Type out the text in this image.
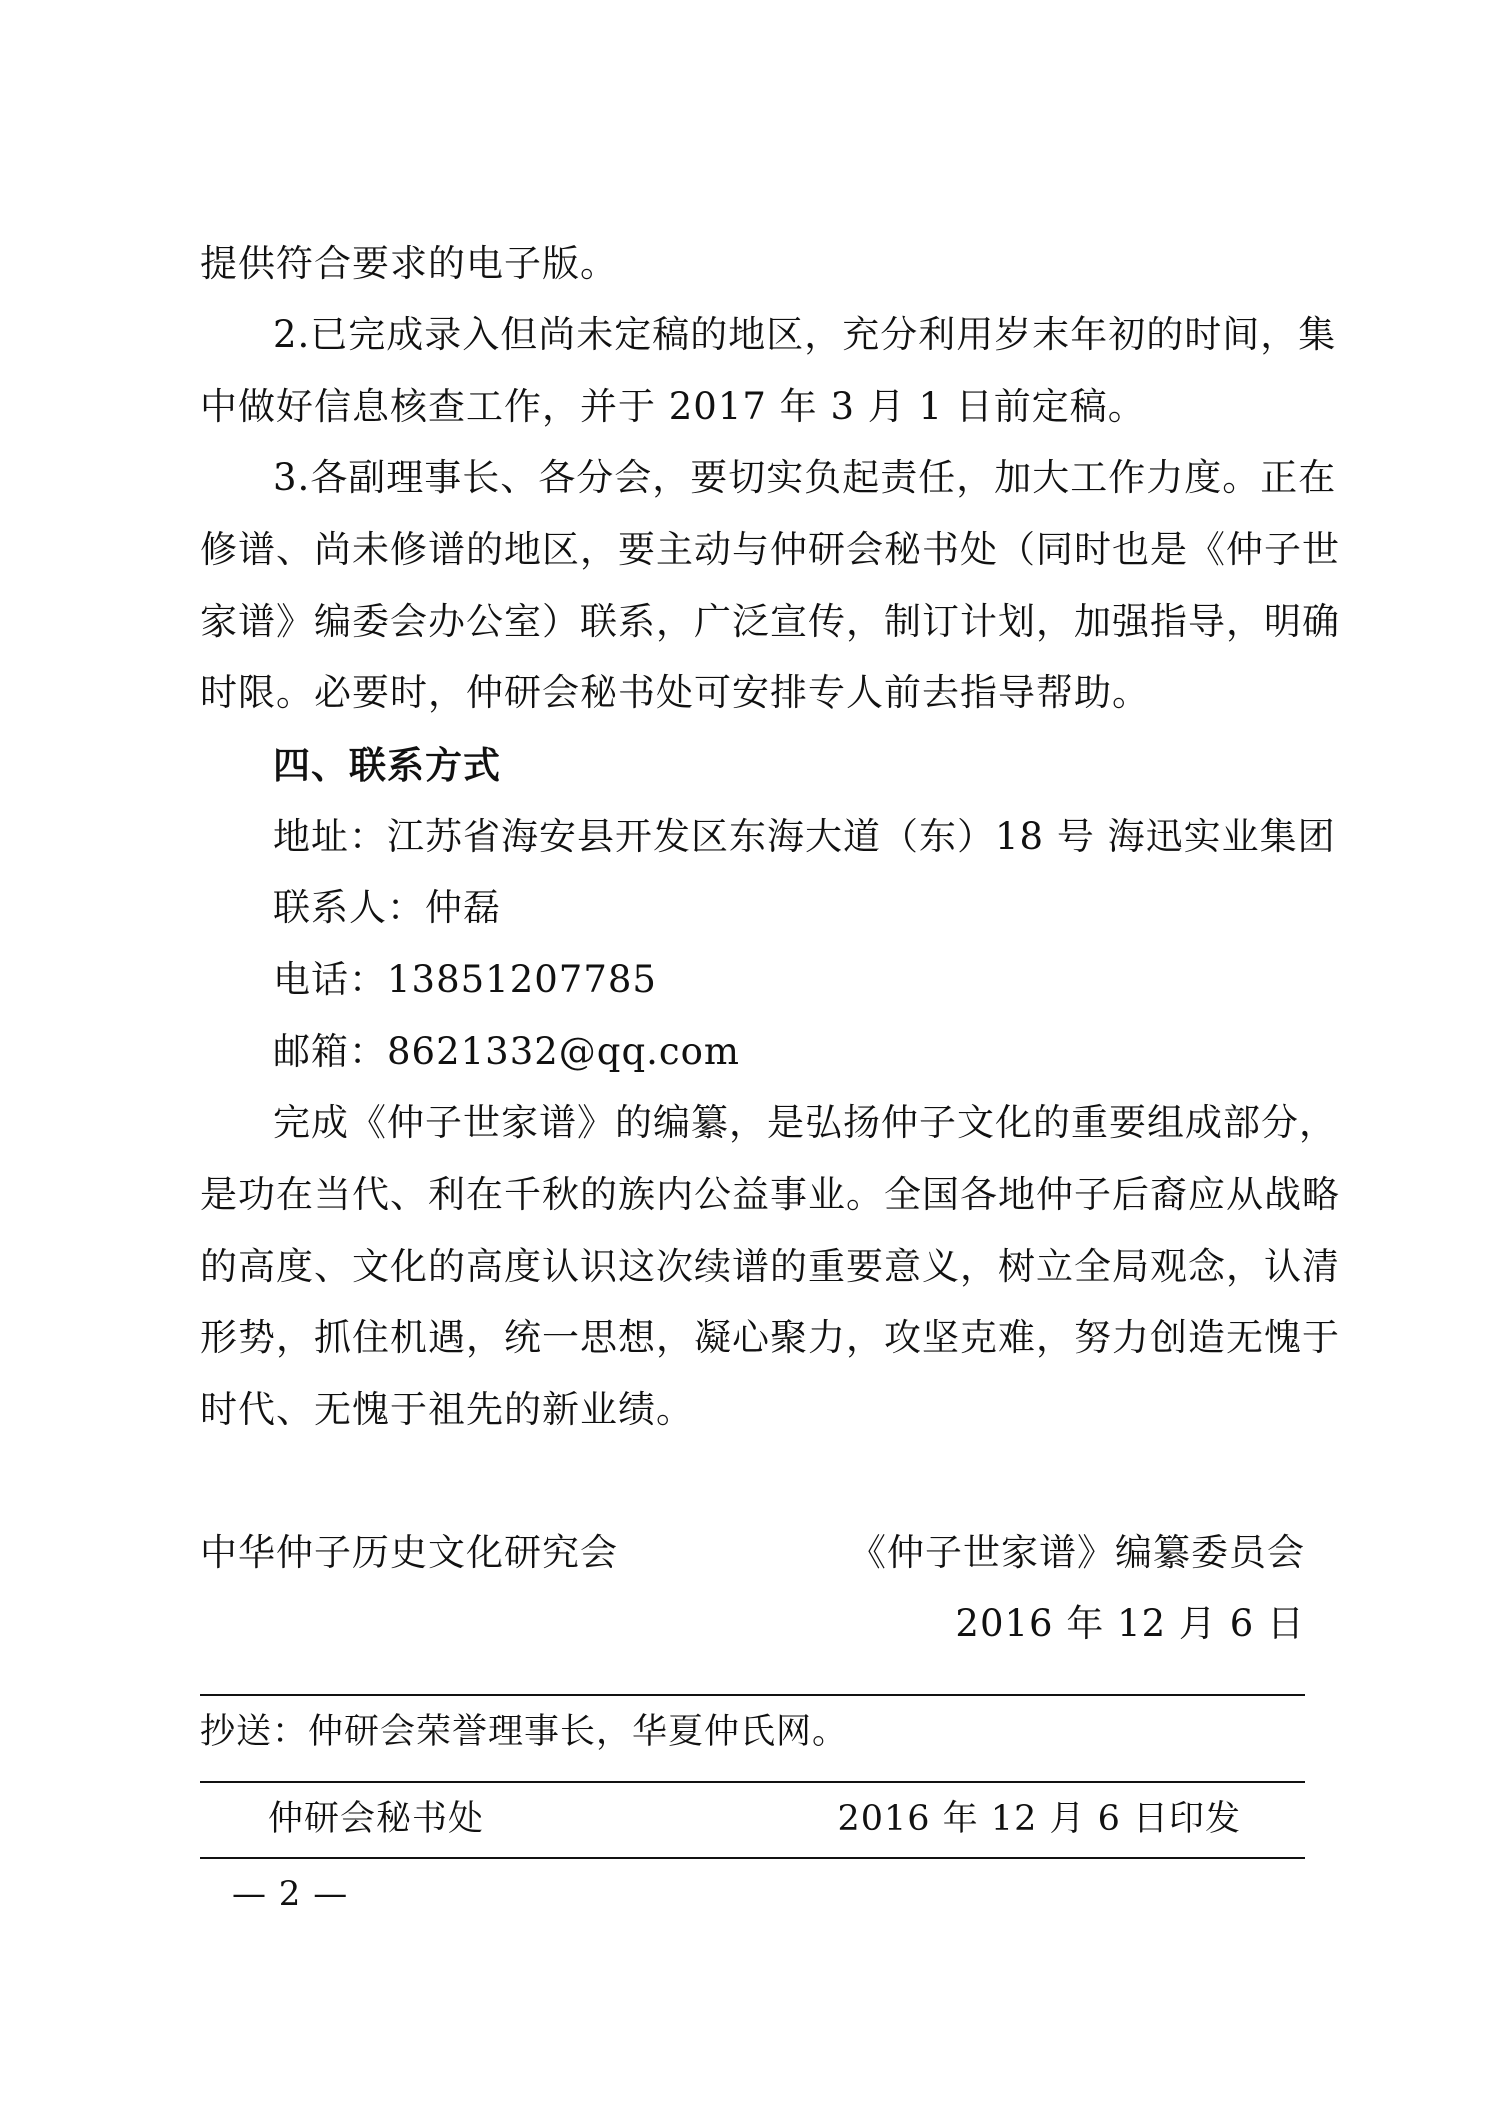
提供符合要求的电子版。
2.已完成录入但尚未定稿的地区，充分利用岁末年初的时间，集
中做好信息核查工作，并于 2017 年 3 月 1 日前定稿。
3.各副理事长、各分会，要切实负起责任，加大工作力度。正在
修谱、尚未修谱的地区，要主动与仲研会秘书处（同时也是《仲子世
家谱》编委会办公室）联系，广泛宣传，制订计划，加强指导，明确
时限。必要时，仲研会秘书处可安排专人前去指导帮助。
四、联系方式
地址：江苏省海安县开发区东海大道（东）18 号 海迅实业集团
联系人：仲磊
电话：13851207785
邮箱：8621332@qq.com
完成《仲子世家谱》的编纂，是弘扬仲子文化的重要组成部分，
是功在当代、利在千秋的族内公益事业。全国各地仲子后裔应从战略
的高度、文化的高度认识这次续谱的重要意义，树立全局观念，认清
形势，抓住机遇，统一思想，凝心聚力，攻坚克难，努力创造无愧于
时代、无愧于祖先的新业绩。
中华仲子历史文化研究会	《仲子世家谱》编纂委员会
2016 年 12 月 6 日
抄送：仲研会荣誉理事长，华夏仲氏网。
仲研会秘书处	2016 年 12 月 6 日印发
— 2 —
